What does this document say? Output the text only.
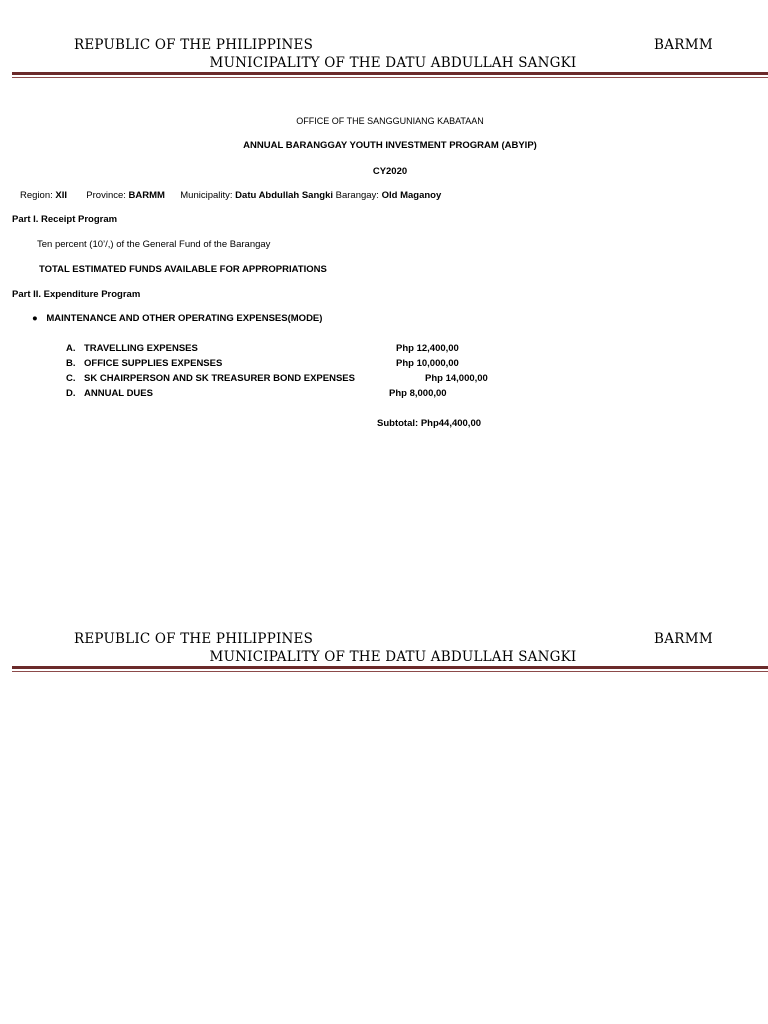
REPUBLIC OF THE PHILIPPINES	BARMM
MUNICIPALITY OF THE DATU ABDULLAH SANGKI
OFFICE OF THE SANGGUNIANG KABATAAN
ANNUAL BARANGGAY YOUTH INVESTMENT PROGRAM (ABYIP)
CY2020
Region: XII Province: BARMM Municipality: Datu Abdullah Sangki Barangay: Old Maganoy
Part I. Receipt Program
Ten percent (10’/,) of the General Fund of the Barangay
TOTAL ESTIMATED FUNDS AVAILABLE FOR APPROPRIATIONS
Part II. Expenditure Program
● MAINTENANCE AND OTHER OPERATING EXPENSES(MODE)
A. TRAVELLING EXPENSES	Php 12,400,00
B. OFFICE SUPPLIES EXPENSES	Php 10,000,00
C. SK CHAIRPERSON AND SK TREASURER BOND EXPENSES	Php 14,000,00
D. ANNUAL DUES	Php 8,000,00
Subtotal: Php44,400,00
REPUBLIC OF THE PHILIPPINES	BARMM
MUNICIPALITY OF THE DATU ABDULLAH SANGKI
